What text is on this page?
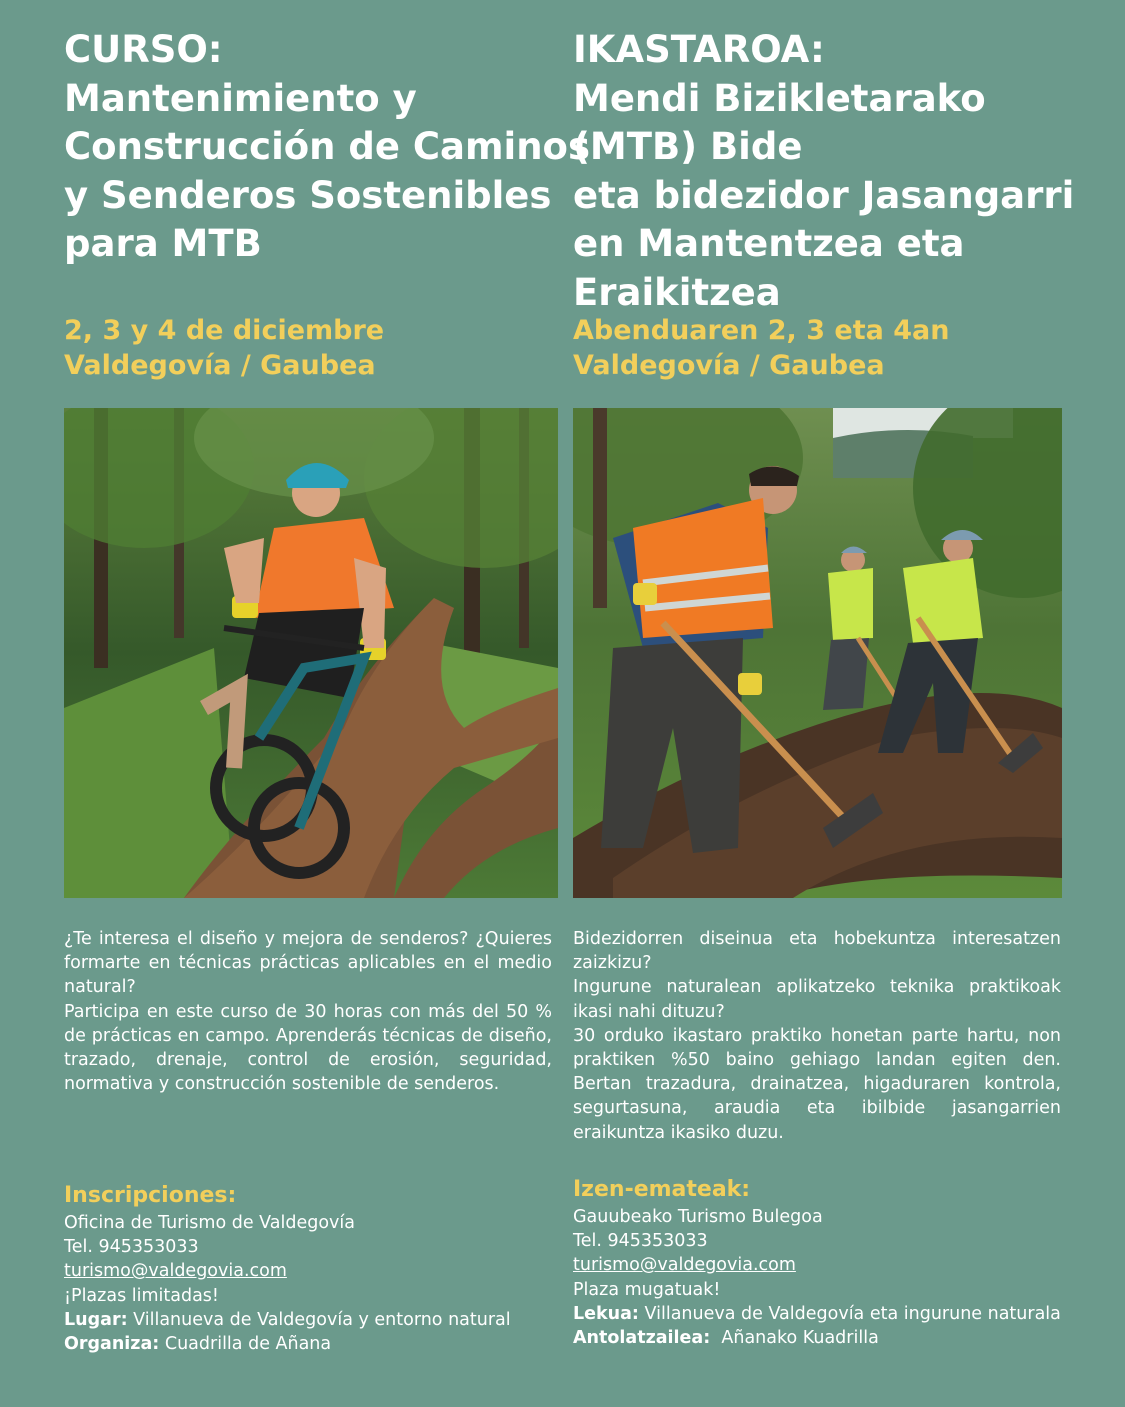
CURSO:
Mantenimiento y
Construcción de Caminos
y Senderos Sostenibles
para MTB
2, 3 y 4 de diciembre
Valdegovía / Gaubea
IKASTAROA:
Mendi Bizikletarako
(MTB) Bide
eta bidezidor Jasangarri
en Mantentzea eta
Eraikitzea
Abenduaren 2, 3 eta 4an
Valdegovía / Gaubea
¿Te interesa el diseño y mejora de senderos? ¿Quieres formarte en técnicas prácticas aplicables en el medio natural?
Participa en este curso de 30 horas con más del 50 % de prácticas en campo. Aprenderás técnicas de diseño, trazado, drenaje, control de erosión, seguridad, normativa y construcción sostenible de senderos.
Bidezidorren diseinua eta hobekuntza interesatzen zaizkizu?
Ingurune naturalean aplikatzeko teknika praktikoak ikasi nahi dituzu?
30 orduko ikastaro praktiko honetan parte hartu, non praktiken %50 baino gehiago landan egiten den. Bertan trazadura, drainatzea, higaduraren kontrola, segurtasuna, araudia eta ibilbide jasangarrien eraikuntza ikasiko duzu.
Inscripciones:
Oficina de Turismo de Valdegovía
Tel. 945353033
turismo@valdegovia.com
¡Plazas limitadas!
Lugar: Villanueva de Valdegovía y entorno natural
Organiza: Cuadrilla de Añana
Izen-emateak:
Gauubeako Turismo Bulegoa
Tel. 945353033
turismo@valdegovia.com
Plaza mugatuak!
Lekua: Villanueva de Valdegovía eta ingurune naturala
Antolatzailea: Añanako Kuadrilla
